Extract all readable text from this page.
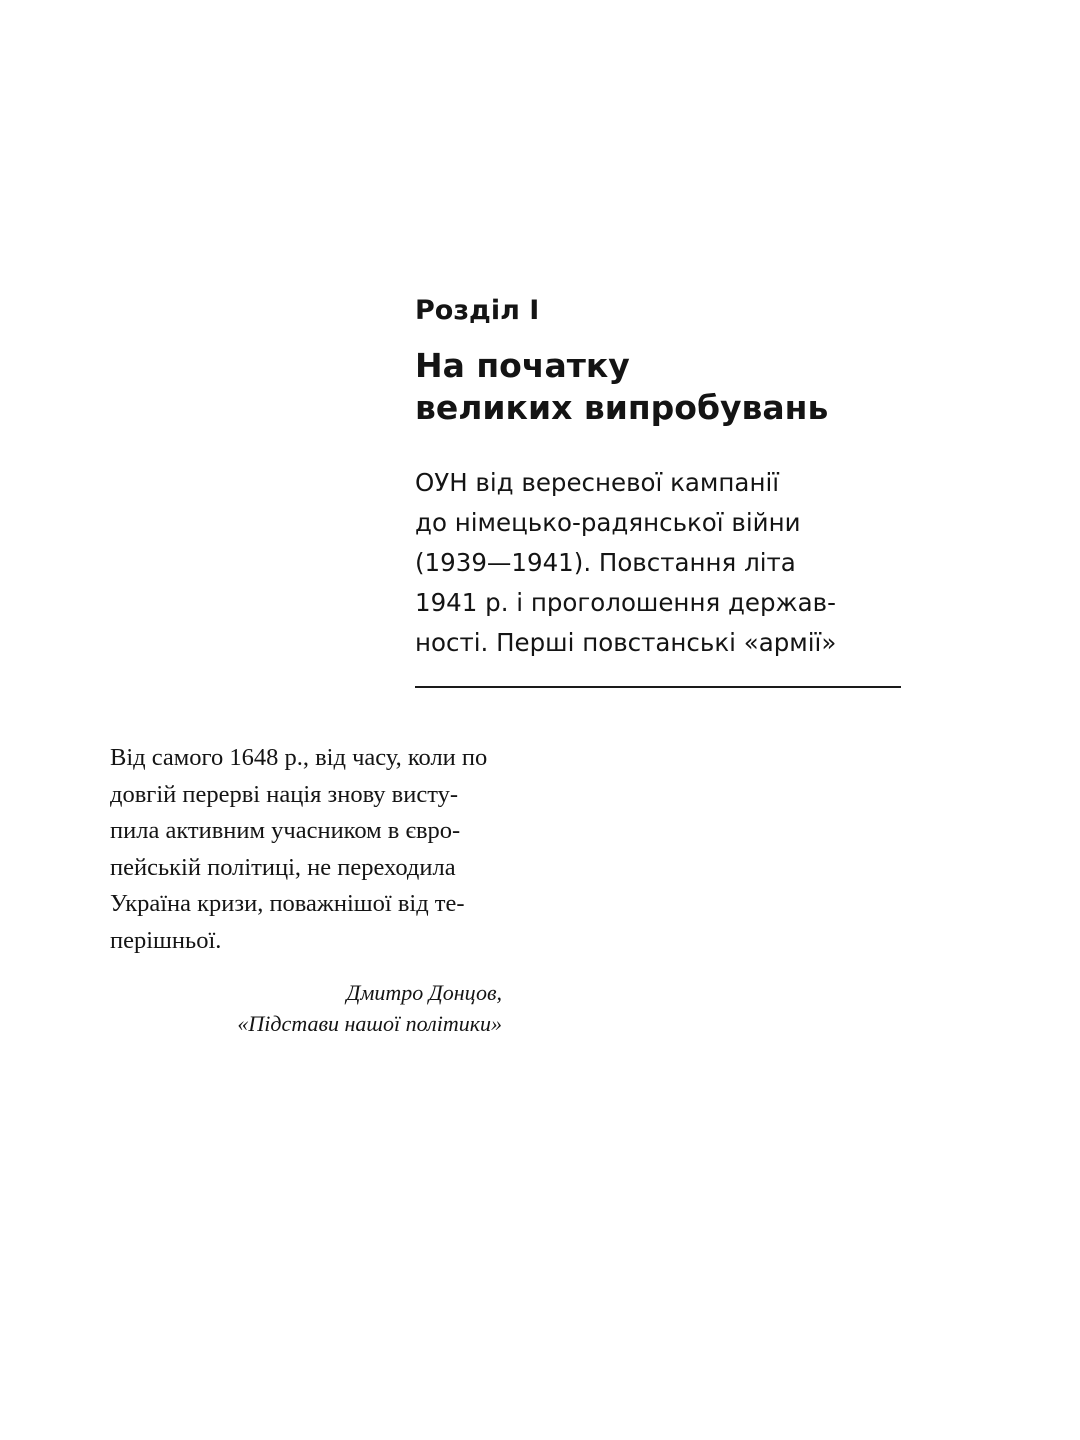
Розділ I

На початку
великих випробувань

ОУН від вересневої кампанії
до німецько-радянської війни
(1939—1941). Повстання літа
1941 р. і проголошення держав-
ності. Перші повстанські «армії»

Від самого 1648 р., від часу, коли по
довгій перерві нація знову висту-
пила активним учасником в євро-
пейській політиці, не переходила
Україна кризи, поважнішої від те-
перішньої.

Дмитро Донцов,
«Підстави нашої політики»
